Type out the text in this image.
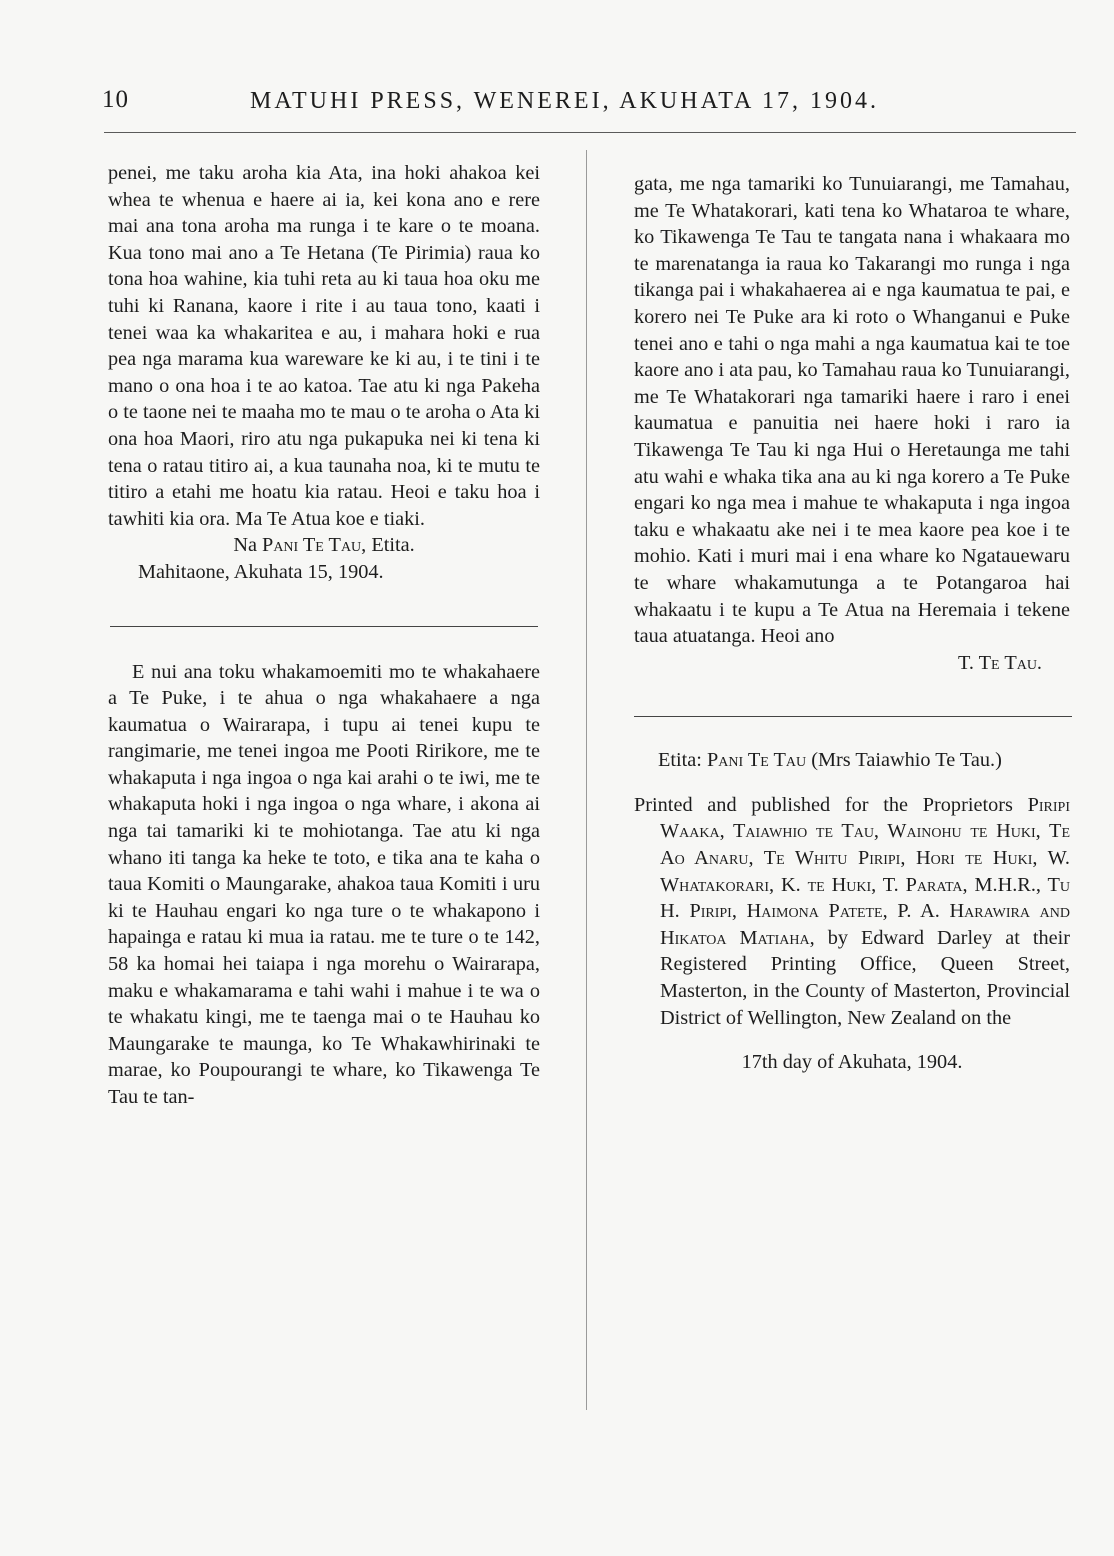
10	MATUHI PRESS, WENEREI, AKUHATA 17, 1904.

penei, me taku aroha kia Ata, ina hoki ahakoa kei whea te whenua e haere ai ia, kei kona ano e rere mai ana tona aroha ma runga i te kare o te moana. Kua tono mai ano a Te Hetana (Te Pirimia) raua ko tona hoa wahine, kia tuhi reta au ki taua hoa oku me tuhi ki Ranana, kaore i rite i au taua tono, kaati i tenei waa ka whakaritea e au, i mahara hoki e rua pea nga marama kua wareware ke ki au, i te tini i te mano o ona hoa i te ao katoa. Tae atu ki nga Pakeha o te taone nei te maaha mo te mau o te aroha o Ata ki ona hoa Maori, riro atu nga pukapuka nei ki tena ki tena o ratau titiro ai, a kua taunaha noa, ki te mutu te titiro a etahi me hoatu kia ratau. Heoi e taku hoa i tawhiti kia ora. Ma Te Atua koe e tiaki.

Na Pani Te Tau, Etita.

Mahitaone, Akuhata 15, 1904.

E nui ana toku whakamoemiti mo te whakahaere a Te Puke, i te ahua o nga whakahaere a nga kaumatua o Wairarapa, i tupu ai tenei kupu te rangimarie, me tenei ingoa me Pooti Ririkore, me te whakaputa i nga ingoa o nga kai arahi o te iwi, me te whakaputa hoki i nga ingoa o nga whare, i akona ai nga tai tamariki ki te mohiotanga. Tae atu ki nga whano iti tanga ka heke te toto, e tika ana te kaha o taua Komiti o Maungarake, ahakoa taua Komiti i uru ki te Hauhau engari ko nga ture o te whakapono i hapainga e ratau ki mua ia ratau. me te ture o te 142, 58 ka homai hei taiapa i nga morehu o Wairarapa, maku e whakamarama e tahi wahi i mahue i te wa o te whakatu kingi, me te taenga mai o te Hauhau ko Maungarake te maunga, ko Te Whakawhirinaki te marae, ko Poupourangi te whare, ko Tikawenga Te Tau te tan-

gata, me nga tamariki ko Tunuiarangi, me Tamahau, me Te Whatakorari, kati tena ko Whataroa te whare, ko Tikawenga Te Tau te tangata nana i whakaara mo te marenatanga ia raua ko Takarangi mo runga i nga tikanga pai i whakahaerea ai e nga kaumatua te pai, e korero nei Te Puke ara ki roto o Whanganui e Puke tenei ano e tahi o nga mahi a nga kaumatua kai te toe kaore ano i ata pau, ko Tamahau raua ko Tunuiarangi, me Te Whatakorari nga tamariki haere i raro i enei kaumatua e panuitia nei haere hoki i raro ia Tikawenga Te Tau ki nga Hui o Heretaunga me tahi atu wahi e whaka tika ana au ki nga korero a Te Puke engari ko nga mea i mahue te whakaputa i nga ingoa taku e whakaatu ake nei i te mea kaore pea koe i te mohio. Kati i muri mai i ena whare ko Ngatauewaru te whare whakamutunga a te Potangaroa hai whakaatu i te kupu a Te Atua na Heremaia i tekene taua atuatanga. Heoi ano

T. Te Tau.

Etita: Pani Te Tau (Mrs Taiawhio Te Tau.)

Printed and published for the Proprietors Piripi Waaka, Taiawhio te Tau, Wainohu te Huki, Te Ao Anaru, Te Whitu Piripi, Hori te Huki, W. Whatakorari, K. te Huki, T. Parata, M.H.R., Tu H. Piripi, Haimona Patete, P. A. Harawira and Hikatoa Matiaha, by Edward Darley at their Registered Printing Office, Queen Street, Masterton, in the County of Masterton, Provincial District of Wellington, New Zealand on the

17th day of Akuhata, 1904.
